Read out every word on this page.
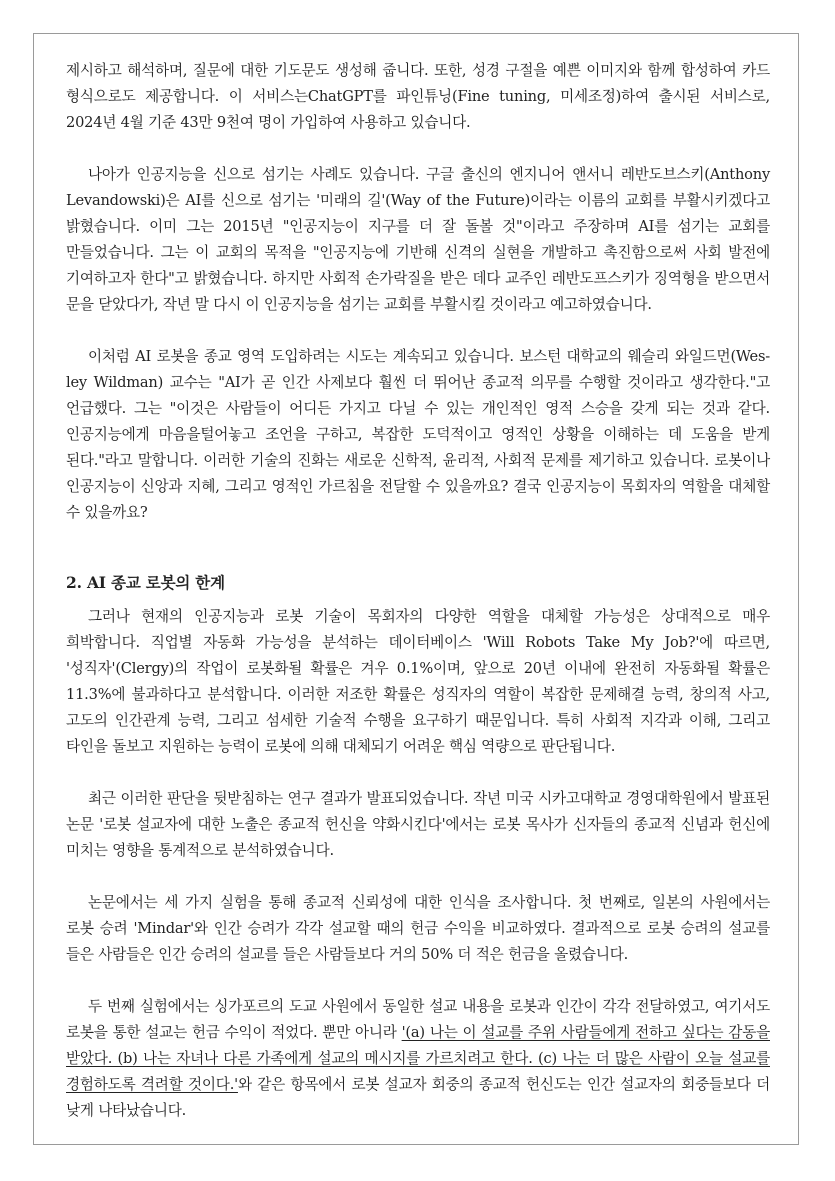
제시하고 해석하며, 질문에 대한 기도문도 생성해 줍니다. 또한, 성경 구절을 예쁜 이미지와 함께 합성하여 카드 형식으로도 제공합니다. 이 서비스는ChatGPT를 파인튜닝(Fine tuning, 미세조정)하여 출시된 서비스로, 2024년 4월 기준 43만 9천여 명이 가입하여 사용하고 있습니다.

나아가 인공지능을 신으로 섬기는 사례도 있습니다. 구글 출신의 엔지니어 앤서니 레반도브스키(Anthony Levandowski)은 AI를 신으로 섬기는 '미래의 길'(Way of the Future)이라는 이름의 교회를 부활시키겠다고 밝혔습니다. 이미 그는 2015년 "인공지능이 지구를 더 잘 돌볼 것"이라고 주장하며 AI를 섬기는 교회를 만들었습니다. 그는 이 교회의 목적을 "인공지능에 기반해 신격의 실현을 개발하고 촉진함으로써 사회 발전에 기여하고자 한다"고 밝혔습니다. 하지만 사회적 손가락질을 받은 데다 교주인 레반도프스키가 징역형을 받으면서 문을 닫았다가, 작년 말 다시 이 인공지능을 섬기는 교회를 부활시킬 것이라고 예고하였습니다.

이처럼 AI 로봇을 종교 영역 도입하려는 시도는 계속되고 있습니다. 보스턴 대학교의 웨슬리 와일드먼(Wes-ley Wildman) 교수는 "AI가 곧 인간 사제보다 훨씬 더 뛰어난 종교적 의무를 수행할 것이라고 생각한다."고 언급했다. 그는 "이것은 사람들이 어디든 가지고 다닐 수 있는 개인적인 영적 스승을 갖게 되는 것과 같다. 인공지능에게 마음을털어놓고 조언을 구하고, 복잡한 도덕적이고 영적인 상황을 이해하는 데 도움을 받게 된다."라고 말합니다. 이러한 기술의 진화는 새로운 신학적, 윤리적, 사회적 문제를 제기하고 있습니다. 로봇이나 인공지능이 신앙과 지혜, 그리고 영적인 가르침을 전달할 수 있을까요? 결국 인공지능이 목회자의 역할을 대체할 수 있을까요?

2. AI 종교 로봇의 한계

그러나 현재의 인공지능과 로봇 기술이 목회자의 다양한 역할을 대체할 가능성은 상대적으로 매우 희박합니다. 직업별 자동화 가능성을 분석하는 데이터베이스 'Will Robots Take My Job?'에 따르면, '성직자'(Clergy)의 작업이 로봇화될 확률은 겨우 0.1%이며, 앞으로 20년 이내에 완전히 자동화될 확률은 11.3%에 불과하다고 분석합니다. 이러한 저조한 확률은 성직자의 역할이 복잡한 문제해결 능력, 창의적 사고, 고도의 인간관계 능력, 그리고 섬세한 기술적 수행을 요구하기 때문입니다. 특히 사회적 지각과 이해, 그리고 타인을 돌보고 지원하는 능력이 로봇에 의해 대체되기 어려운 핵심 역량으로 판단됩니다.

최근 이러한 판단을 뒷받침하는 연구 결과가 발표되었습니다. 작년 미국 시카고대학교 경영대학원에서 발표된 논문 '로봇 설교자에 대한 노출은 종교적 헌신을 약화시킨다'에서는 로봇 목사가 신자들의 종교적 신념과 헌신에 미치는 영향을 통계적으로 분석하였습니다.

논문에서는 세 가지 실험을 통해 종교적 신뢰성에 대한 인식을 조사합니다. 첫 번째로, 일본의 사원에서는 로봇 승려 'Mindar'와 인간 승려가 각각 설교할 때의 헌금 수익을 비교하였다. 결과적으로 로봇 승려의 설교를 들은 사람들은 인간 승려의 설교를 들은 사람들보다 거의 50% 더 적은 헌금을 올렸습니다.

두 번째 실험에서는 싱가포르의 도교 사원에서 동일한 설교 내용을 로봇과 인간이 각각 전달하였고, 여기서도 로봇을 통한 설교는 헌금 수익이 적었다. 뿐만 아니라 '(a) 나는 이 설교를 주위 사람들에게 전하고 싶다는 감동을 받았다. (b) 나는 자녀나 다른 가족에게 설교의 메시지를 가르치려고 한다. (c) 나는 더 많은 사람이 오늘 설교를 경험하도록 격려할 것이다.'와 같은 항목에서 로봇 설교자 회중의 종교적 헌신도는 인간 설교자의 회중들보다 더 낮게 나타났습니다.
